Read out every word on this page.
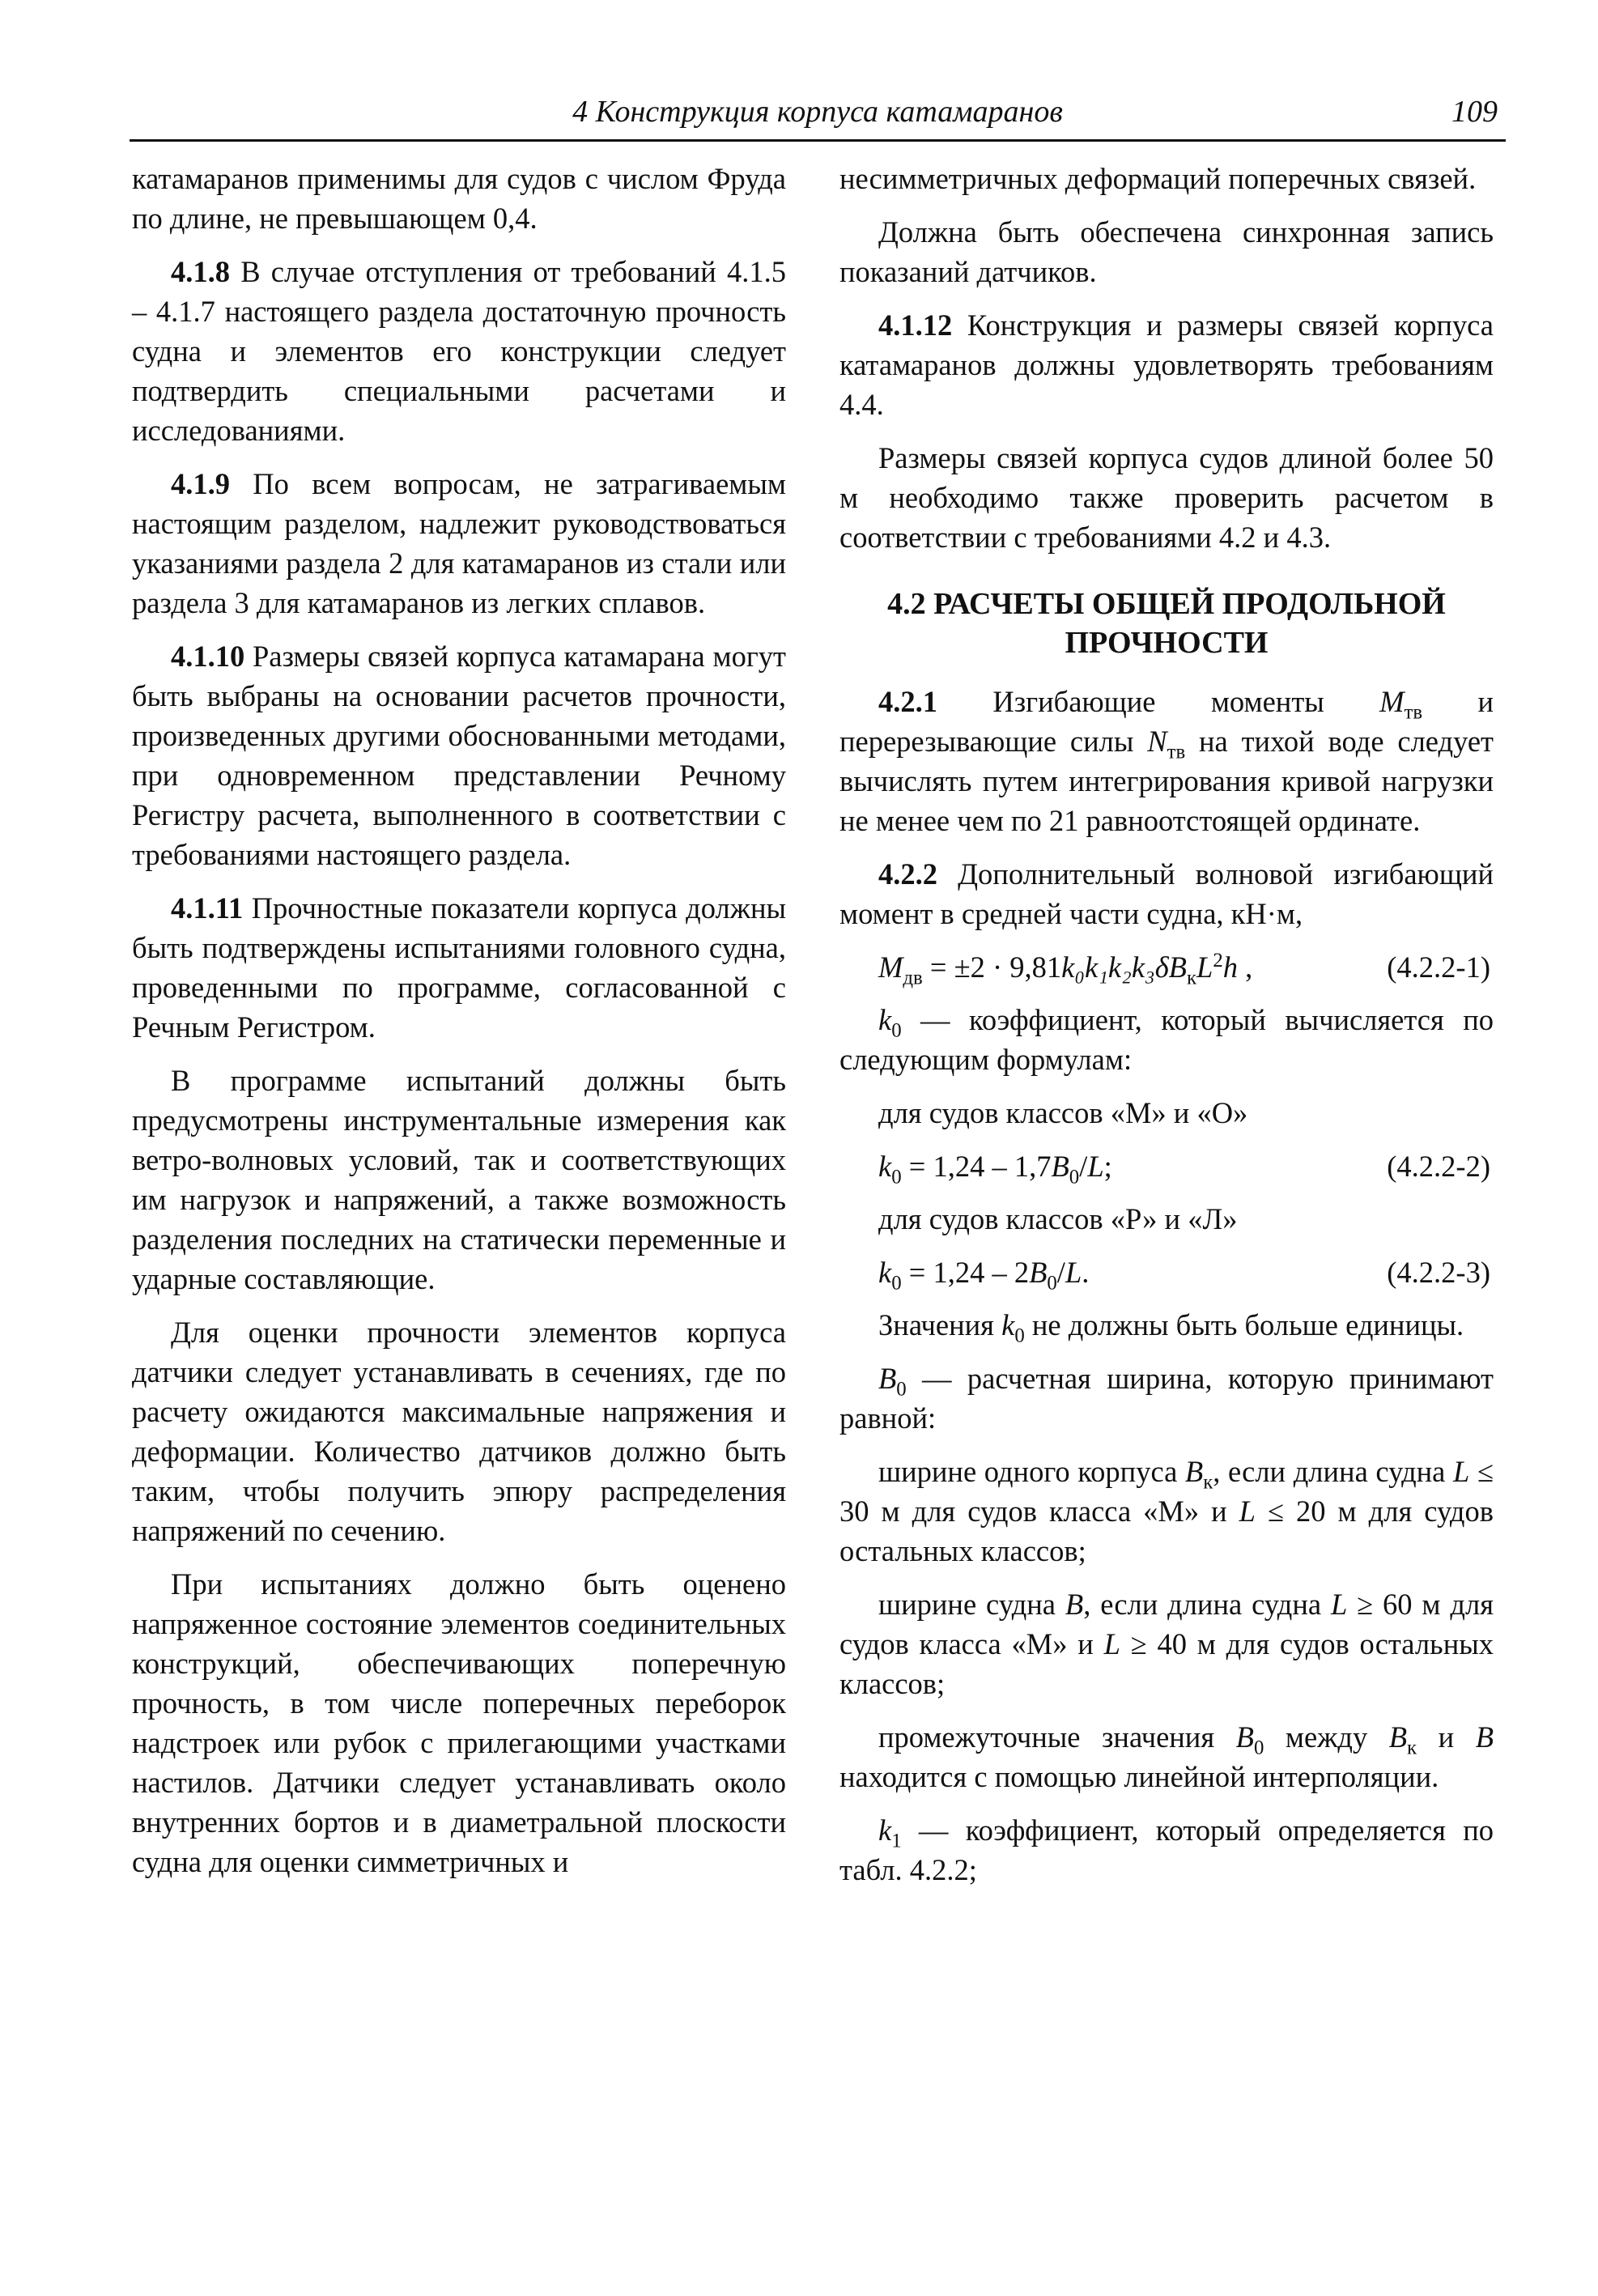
4 Конструкция корпуса катамаранов	109

катамаранов применимы для судов с числом Фруда по длине, не превышающем 0,4.

4.1.8 В случае отступления от требований 4.1.5 – 4.1.7 настоящего раздела достаточную прочность судна и элементов его конструкции следует подтвердить специальными расчетами и исследованиями.

4.1.9 По всем вопросам, не затрагиваемым настоящим разделом, надлежит руководствоваться указаниями раздела 2 для катамаранов из стали или раздела 3 для катамаранов из легких сплавов.

4.1.10 Размеры связей корпуса катамарана могут быть выбраны на основании расчетов прочности, произведенных другими обоснованными методами, при одновременном представлении Речному Регистру расчета, выполненного в соответствии с требованиями настоящего раздела.

4.1.11 Прочностные показатели корпуса должны быть подтверждены испытаниями головного судна, проведенными по программе, согласованной с Речным Регистром.

В программе испытаний должны быть предусмотрены инструментальные измерения как ветро-волновых условий, так и соответствующих им нагрузок и напряжений, а также возможность разделения последних на статически переменные и ударные составляющие.

Для оценки прочности элементов корпуса датчики следует устанавливать в сечениях, где по расчету ожидаются максимальные напряжения и деформации. Количество датчиков должно быть таким, чтобы получить эпюру распределения напряжений по сечению.

При испытаниях должно быть оценено напряженное состояние элементов соединительных конструкций, обеспечивающих поперечную прочность, в том числе поперечных переборок надстроек или рубок с прилегающими участками настилов. Датчики следует устанавливать около внутренних бортов и в диаметральной плоскости судна для оценки симметричных и

несимметричных деформаций поперечных связей.

Должна быть обеспечена синхронная запись показаний датчиков.

4.1.12 Конструкция и размеры связей корпуса катамаранов должны удовлетворять требованиям 4.4.

Размеры связей корпуса судов длиной более 50 м необходимо также проверить расчетом в соответствии с требованиями 4.2 и 4.3.

4.2 РАСЧЕТЫ ОБЩЕЙ ПРОДОЛЬНОЙ ПРОЧНОСТИ

4.2.1 Изгибающие моменты $M_{тв}$ и перерезывающие силы $N_{тв}$ на тихой воде следует вычислять путем интегрирования кривой нагрузки не менее чем по 21 равноотстоящей ординате.

4.2.2 Дополнительный волновой изгибающий момент в средней части судна, кН·м,

$M_{дв} = \pm 2 \cdot 9,81k_0k_1k_2k_3\delta B_кL^2h$ ,	(4.2.2-1)

$k_0$ — коэффициент, который вычисляется по следующим формулам:

для судов классов «М» и «О»

$k_0 = 1,24 - 1,7B_0/L$;	(4.2.2-2)

для судов классов «Р» и «Л»

$k_0 = 1,24 - 2B_0/L$.	(4.2.2-3)

Значения $k_0$ не должны быть больше единицы.

$B_0$ — расчетная ширина, которую принимают равной:

ширине одного корпуса $B_к$, если длина судна L ≤ 30 м для судов класса «М» и L ≤ 20 м для судов остальных классов;

ширине судна B, если длина судна L ≥ 60 м для судов класса «М» и L ≥ 40 м для судов остальных классов;

промежуточные значения $B_0$ между $B_к$ и B находится с помощью линейной интерполяции.

$k_1$ — коэффициент, который определяется по табл. 4.2.2;
